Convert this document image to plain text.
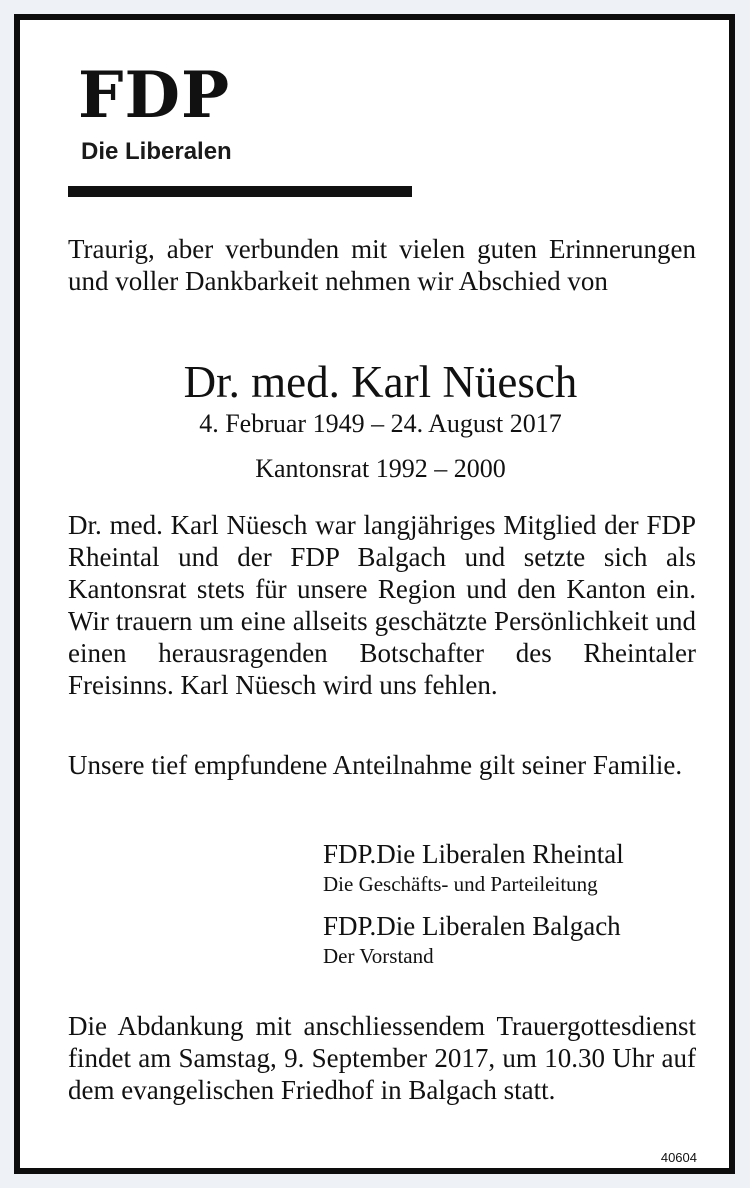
FDP
Die Liberalen

Traurig, aber verbunden mit vielen guten Erinnerungen und voller Dankbarkeit nehmen wir Abschied von

Dr. med. Karl Nüesch
4. Februar 1949 – 24. August 2017
Kantonsrat 1992 – 2000

Dr. med. Karl Nüesch war langjähriges Mitglied der FDP Rheintal und der FDP Balgach und setzte sich als Kantonsrat stets für unsere Region und den Kanton ein. Wir trauern um eine allseits geschätzte Persönlichkeit und einen herausragenden Botschafter des Rheintaler Freisinns. Karl Nüesch wird uns fehlen.

Unsere tief empfundene Anteilnahme gilt seiner Familie.

FDP.Die Liberalen Rheintal
Die Geschäfts- und Parteileitung
FDP.Die Liberalen Balgach
Der Vorstand

Die Abdankung mit anschliessendem Trauergottesdienst findet am Samstag, 9. September 2017, um 10.30 Uhr auf dem evangelischen Friedhof in Balgach statt.

40604
